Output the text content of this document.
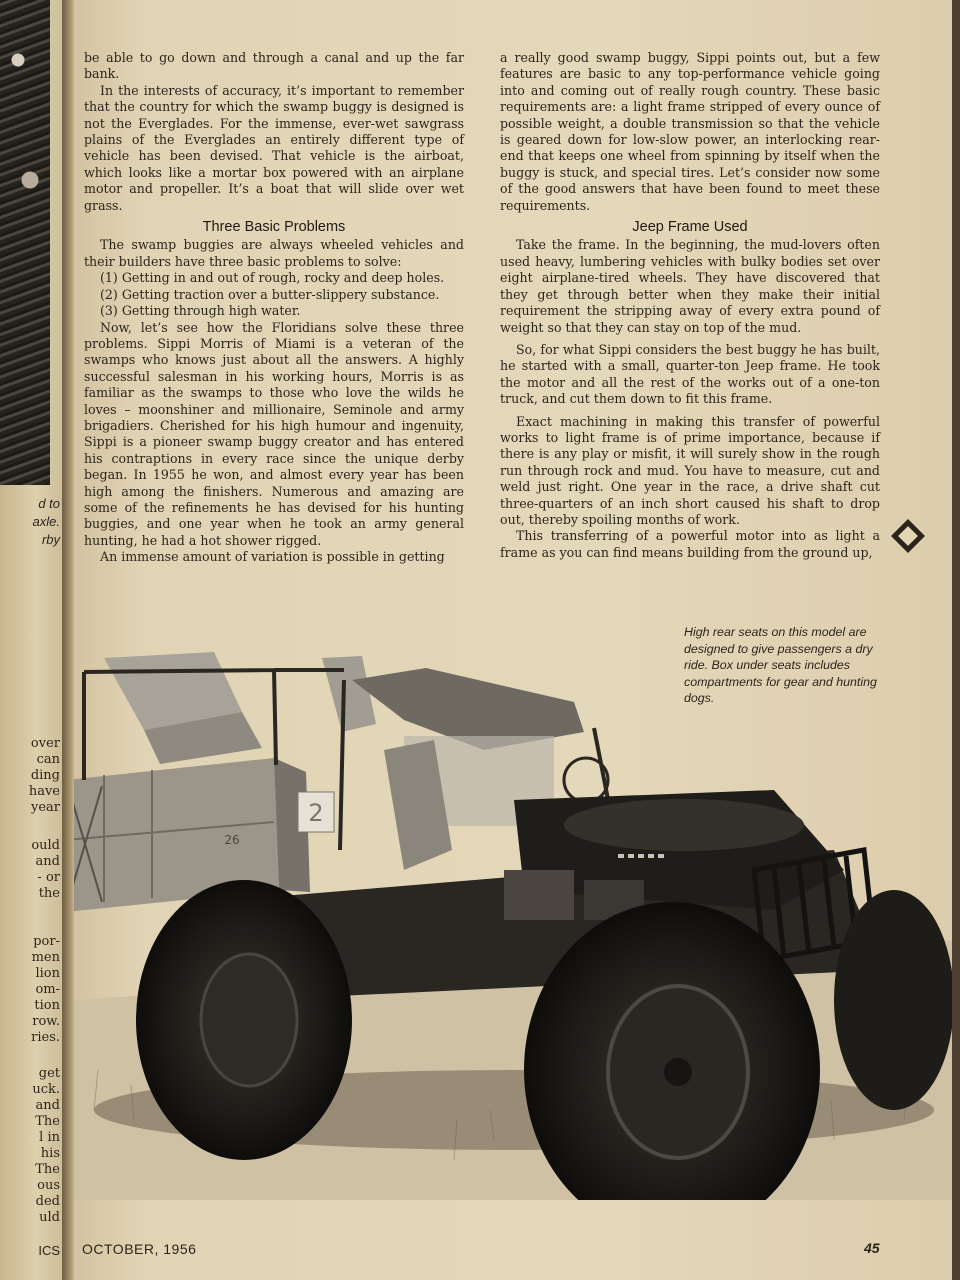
d to
axle.
rby
over
can
ding
have
year
ould
and
- or
the
por-
men
lion
om-
tion
row.
ries.
get
uck.
and
The
l in
his
The
ous
ded
uld
ICS

be able to go down and through a canal and up the far bank.

In the interests of accuracy, it’s important to remember that the country for which the swamp buggy is designed is not the Everglades. For the immense, ever-wet sawgrass plains of the Everglades an entirely different type of vehicle has been devised. That vehicle is the airboat, which looks like a mortar box powered with an airplane motor and propeller. It’s a boat that will slide over wet grass.

Three Basic Problems

The swamp buggies are always wheeled vehicles and their builders have three basic problems to solve:

(1) Getting in and out of rough, rocky and deep holes.

(2) Getting traction over a butter-slippery substance.

(3) Getting through high water.

Now, let’s see how the Floridians solve these three problems. Sippi Morris of Miami is a veteran of the swamps who knows just about all the answers. A highly successful salesman in his working hours, Morris is as familiar as the swamps to those who love the wilds he loves – moonshiner and millionaire, Seminole and army brigadiers. Cherished for his high humour and ingenuity, Sippi is a pioneer swamp buggy creator and has entered his contraptions in every race since the unique derby began. In 1955 he won, and almost every year has been high among the finishers. Numerous and amazing are some of the refinements he has devised for his hunting buggies, and one year when he took an army general hunting, he had a hot shower rigged.

An immense amount of variation is possible in getting

a really good swamp buggy, Sippi points out, but a few features are basic to any top-performance vehicle going into and coming out of really rough country. These basic requirements are: a light frame stripped of every ounce of possible weight, a double transmission so that the vehicle is geared down for low-slow power, an interlocking rear-end that keeps one wheel from spinning by itself when the buggy is stuck, and special tires. Let’s consider now some of the good answers that have been found to meet these requirements.

Jeep Frame Used

Take the frame. In the beginning, the mud-lovers often used heavy, lumbering vehicles with bulky bodies set over eight airplane-tired wheels. They have discovered that they get through better when they make their initial requirement the stripping away of every extra pound of weight so that they can stay on top of the mud.

So, for what Sippi considers the best buggy he has built, he started with a small, quarter-ton Jeep frame. He took the motor and all the rest of the works out of a one-ton truck, and cut them down to fit this frame.

Exact machining in making this transfer of powerful works to light frame is of prime importance, because if there is any play or misfit, it will surely show in the rough run through rock and mud. You have to measure, cut and weld just right. One year in the race, a drive shaft cut three-quarters of an inch short caused his shaft to drop out, thereby spoiling months of work.

This transferring of a powerful motor into as light a frame as you can find means building from the ground up,

2
26
High rear seats on this model are designed to give passengers a dry ride. Box under seats includes compartments for gear and hunting dogs.
OCTOBER, 1956	45
